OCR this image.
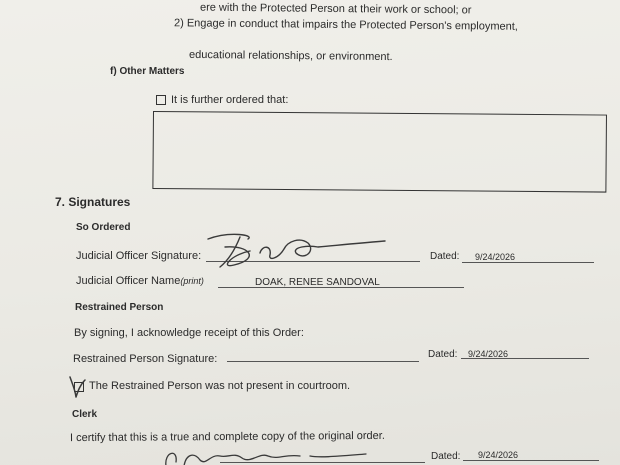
ere with the Protected Person at their work or school; or
2) Engage in conduct that impairs the Protected Person's employment,
educational relationships, or environment.
f) Other Matters
It is further ordered that:
7. Signatures
So Ordered
Judicial Officer Signature:	Dated: 9/24/2026
Judicial Officer Name(print)	DOAK, RENEE SANDOVAL
Restrained Person
By signing, I acknowledge receipt of this Order:
Restrained Person Signature:	Dated: 9/24/2026
The Restrained Person was not present in courtroom.
Clerk
I certify that this is a true and complete copy of the original order.
Dated: 9/24/2026
